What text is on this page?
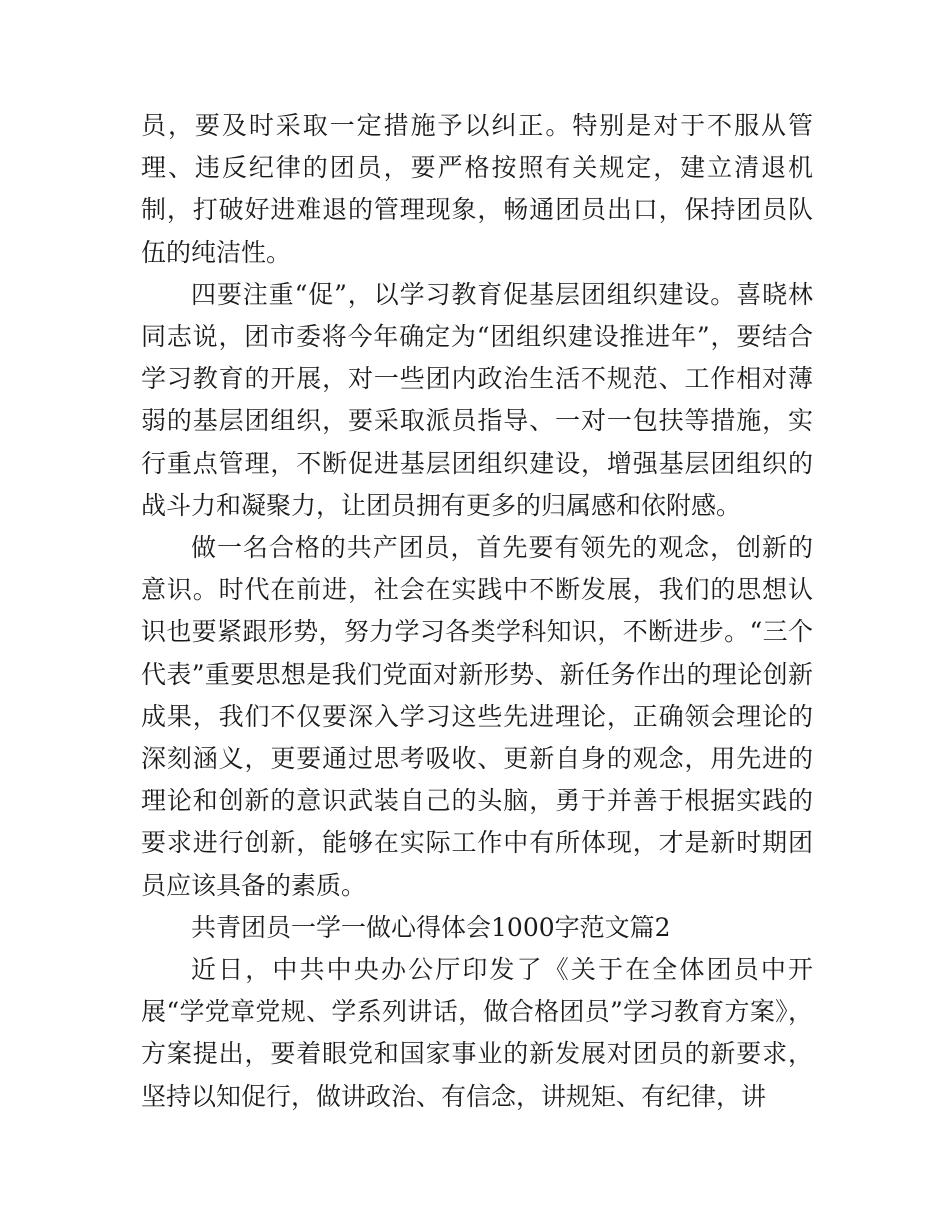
员，要及时采取一定措施予以纠正。特别是对于不服从管理、违反纪律的团员，要严格按照有关规定，建立清退机制，打破好进难退的管理现象，畅通团员出口，保持团员队伍的纯洁性。

四要注重“促”，以学习教育促基层团组织建设。喜晓林同志说，团市委将今年确定为“团组织建设推进年”，要结合学习教育的开展，对一些团内政治生活不规范、工作相对薄弱的基层团组织，要采取派员指导、一对一包扶等措施，实行重点管理，不断促进基层团组织建设，增强基层团组织的战斗力和凝聚力，让团员拥有更多的归属感和依附感。

做一名合格的共产团员，首先要有领先的观念，创新的意识。时代在前进，社会在实践中不断发展，我们的思想认识也要紧跟形势，努力学习各类学科知识，不断进步。“三个代表”重要思想是我们党面对新形势、新任务作出的理论创新成果，我们不仅要深入学习这些先进理论，正确领会理论的深刻涵义，更要通过思考吸收、更新自身的观念，用先进的理论和创新的意识武装自己的头脑，勇于并善于根据实践的要求进行创新，能够在实际工作中有所体现，才是新时期团员应该具备的素质。

共青团员一学一做心得体会1000字范文篇2

近日，中共中央办公厅印发了《关于在全体团员中开展“学党章党规、学系列讲话，做合格团员”学习教育方案》，方案提出，要着眼党和国家事业的新发展对团员的新要求，坚持以知促行，做讲政治、有信念，讲规矩、有纪律，讲
